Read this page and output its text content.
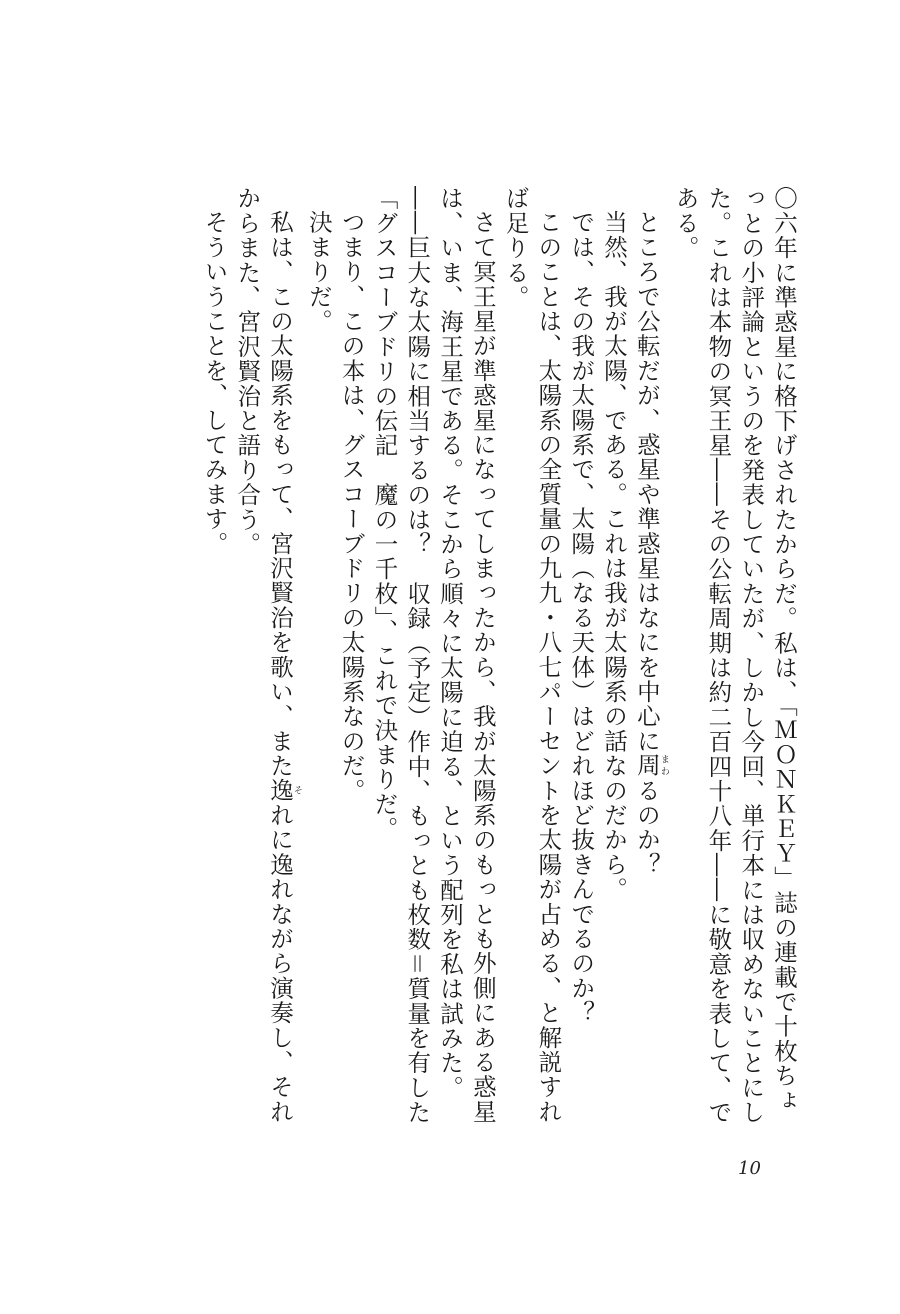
〇六年に準惑星に格下げされたからだ。私は、「ＭＯＮＫＥＹ」誌の連載で十枚ちょっとの小評論というのを発表していたが、しかし今回、単行本には収めないことにした。これは本物の冥王星――その公転周期は約二百四十八年――に敬意を表して、である。

ところで公転だが、惑星や準惑星はなにを中心に周まわるのか？

当然、我が太陽、である。これは我が太陽系の話なのだから。

では、その我が太陽系で、太陽（なる天体）はどれほど抜きんでるのか？

このことは、太陽系の全質量の九九・八七パーセントを太陽が占める、と解説すれば足りる。

さて冥王星が準惑星になってしまったから、我が太陽系のもっとも外側にある惑星は、いま、海王星である。そこから順々に太陽に迫る、という配列を私は試みた。――巨大な太陽に相当するのは？　収録（予定）作中、もっとも枚数＝質量を有した「グスコーブドリの伝記　魔の一千枚」、これで決まりだ。

つまり、この本は、グスコーブドリの太陽系なのだ。

決まりだ。

私は、この太陽系をもって、宮沢賢治を歌い、また逸それに逸れながら演奏し、それからまた、宮沢賢治と語り合う。

そういうことを、してみます。

10
